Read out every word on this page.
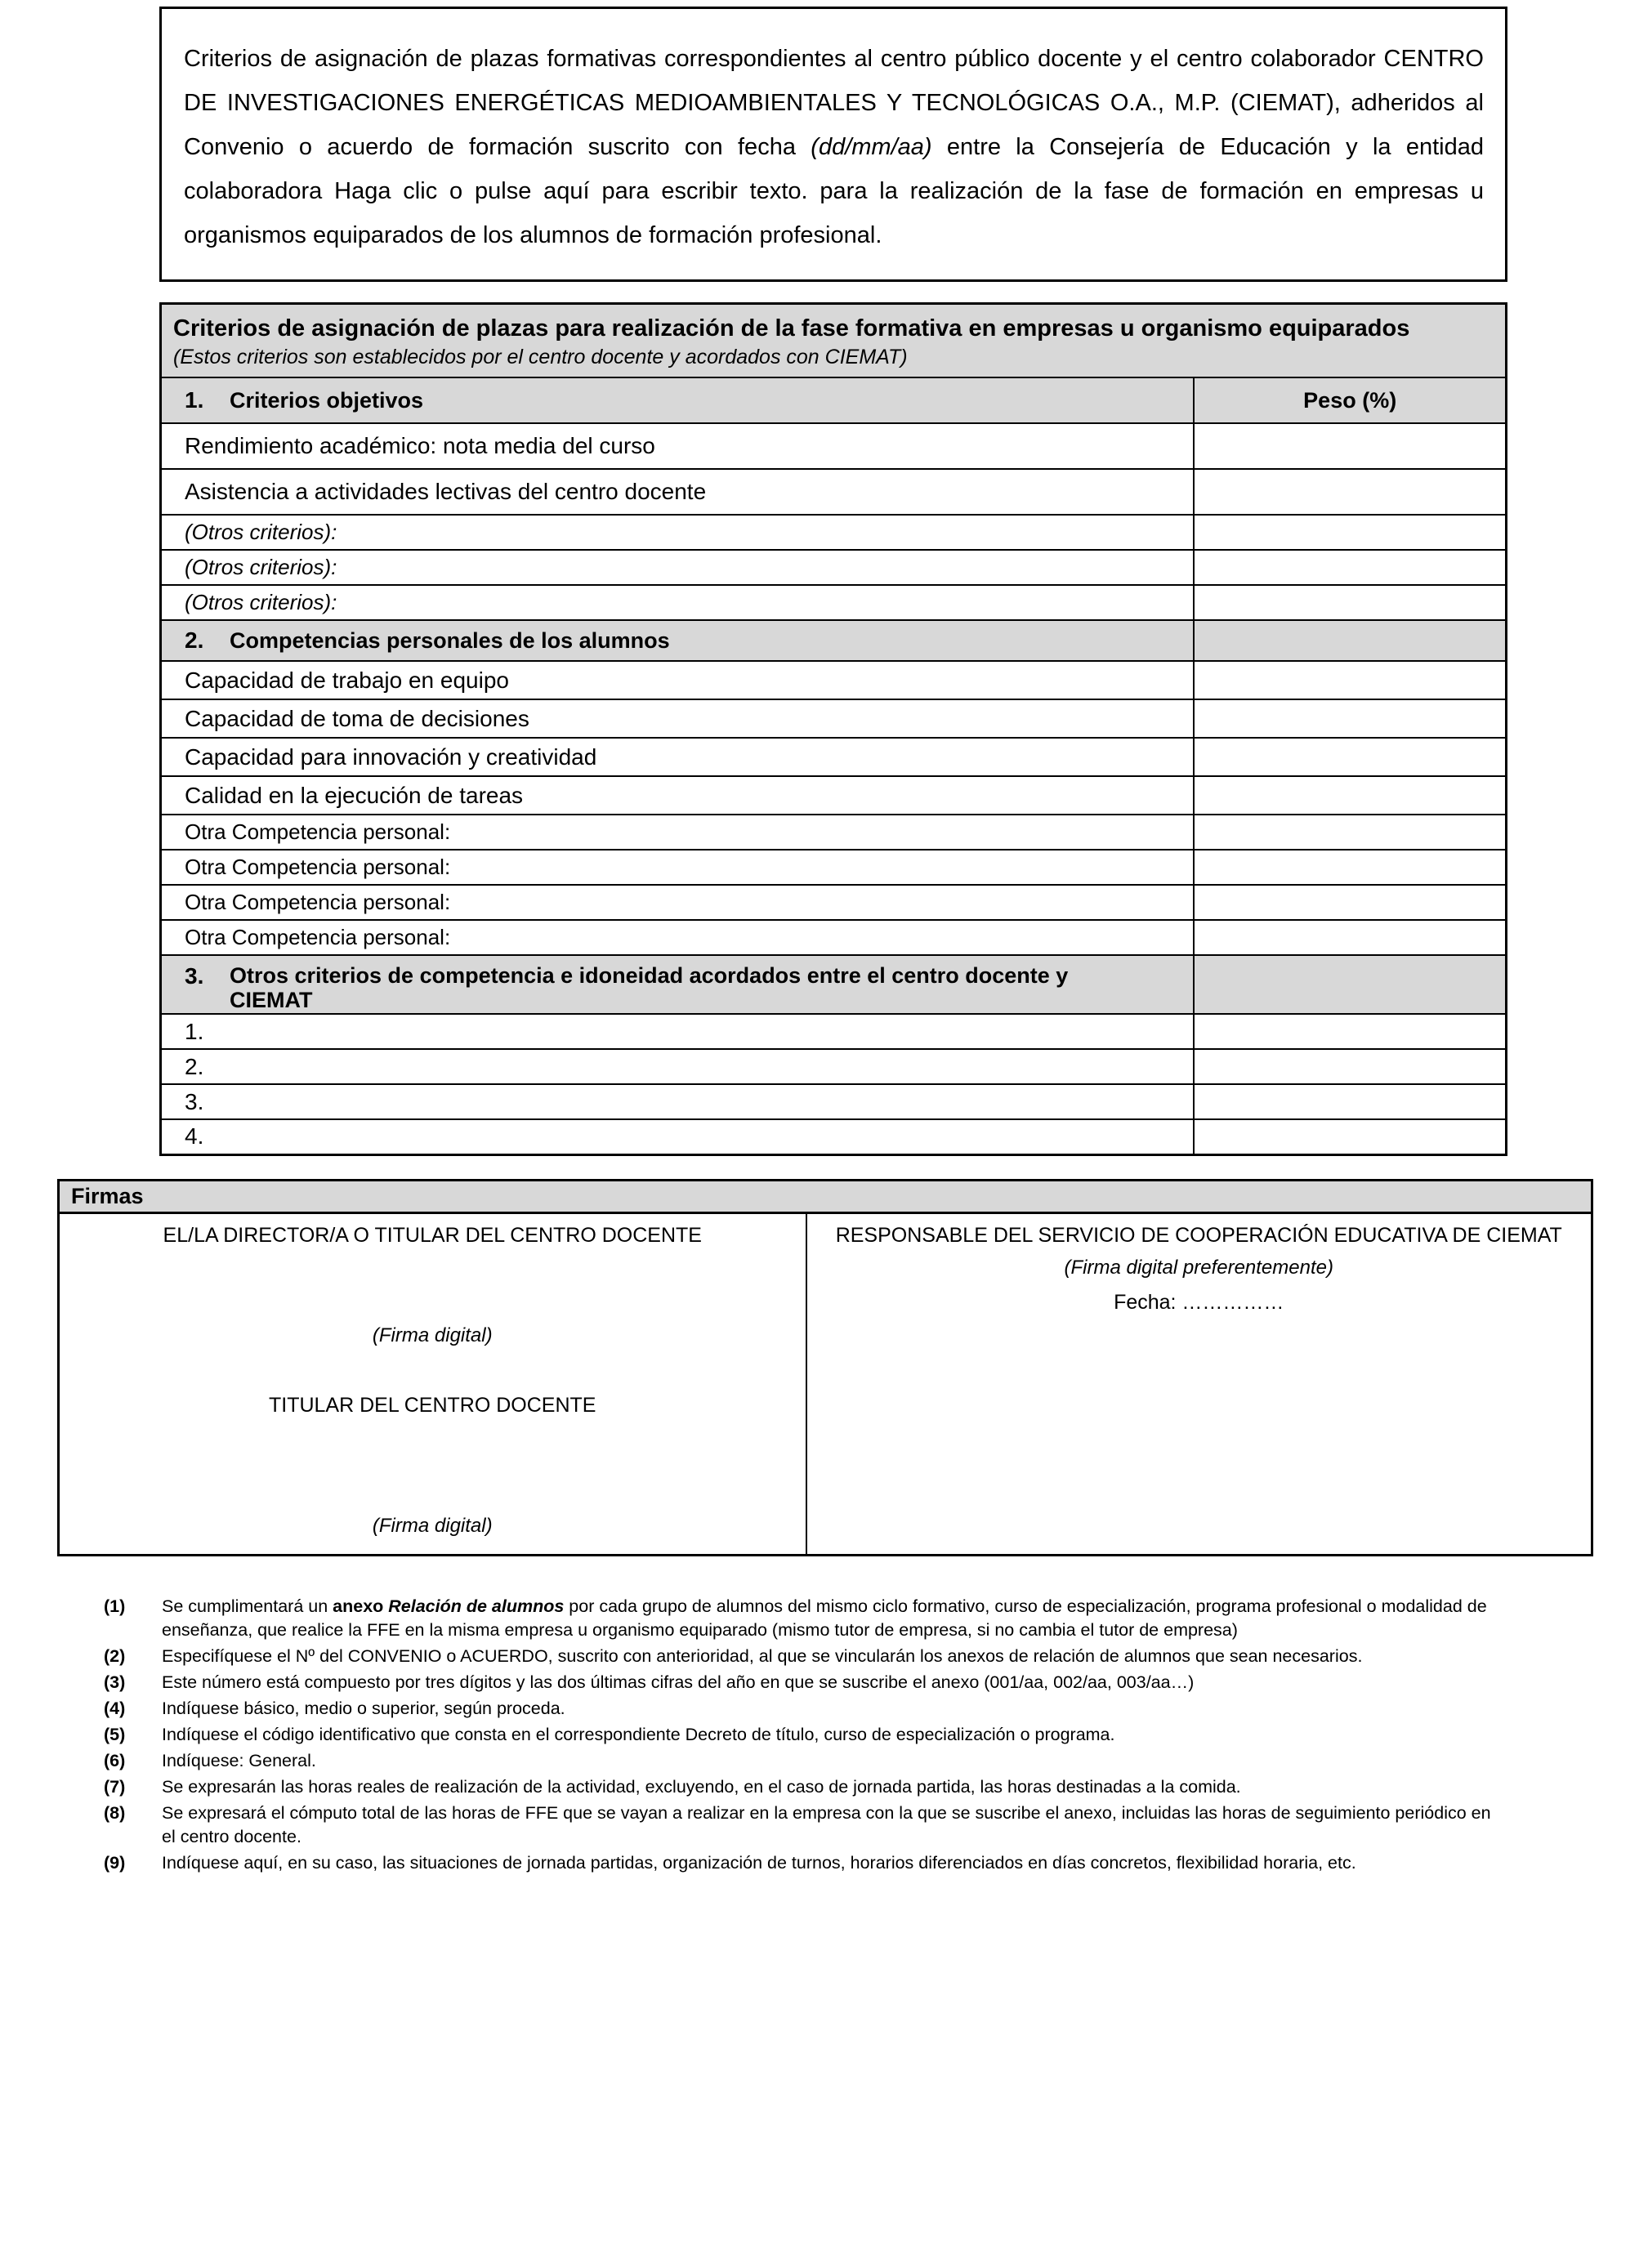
Criterios de asignación de plazas formativas correspondientes al centro público docente y el centro colaborador CENTRO DE INVESTIGACIONES ENERGÉTICAS MEDIOAMBIENTALES Y TECNOLÓGICAS O.A., M.P. (CIEMAT), adheridos al Convenio o acuerdo de formación suscrito con fecha (dd/mm/aa) entre la Consejería de Educación y la entidad colaboradora Haga clic o pulse aquí para escribir texto. para la realización de la fase de formación en empresas u organismos equiparados de los alumnos de formación profesional.
Criterios de asignación de plazas para realización de la fase formativa en empresas u organismo equiparados
(Estos criterios son establecidos por el centro docente y acordados con CIEMAT)	

1. Criterios objetivos	Peso (%)
Rendimiento académico: nota media del curso	
Asistencia a actividades lectivas del centro docente	
(Otros criterios):	
(Otros criterios):	
(Otros criterios):	
2. Competencias personales de los alumnos	
Capacidad de trabajo en equipo	
Capacidad de toma de decisiones	
Capacidad para innovación y creatividad	
Calidad en la ejecución de tareas	
Otra Competencia personal:	
Otra Competencia personal:	
Otra Competencia personal:	
Otra Competencia personal:	

3. Otros criterios de competencia e idoneidad acordados entre el centro docente y
CIEMAT	

1.	
2.	
3.	
4.	
Firmas
EL/LA DIRECTOR/A O TITULAR DEL CENTRO DOCENTE
(Firma digital)
TITULAR DEL CENTRO DOCENTE
(Firma digital)
RESPONSABLE DEL SERVICIO DE COOPERACIÓN EDUCATIVA DE CIEMAT
(Firma digital preferentemente)
Fecha: ……………
(1)	Se cumplimentará un anexo Relación de alumnos por cada grupo de alumnos del mismo ciclo formativo, curso de especialización, programa profesional o modalidad de enseñanza, que realice la FFE en la misma empresa u organismo equiparado (mismo tutor de empresa, si no cambia el tutor de empresa)
(2)	Especifíquese el Nº del CONVENIO o ACUERDO, suscrito con anterioridad, al que se vincularán los anexos de relación de alumnos que sean necesarios.
(3)	Este número está compuesto por tres dígitos y las dos últimas cifras del año en que se suscribe el anexo (001/aa, 002/aa, 003/aa…)
(4)	Indíquese básico, medio o superior, según proceda.
(5)	Indíquese el código identificativo que consta en el correspondiente Decreto de título, curso de especialización o programa.
(6)	Indíquese: General.
(7)	Se expresarán las horas reales de realización de la actividad, excluyendo, en el caso de jornada partida, las horas destinadas a la comida.
(8)	Se expresará el cómputo total de las horas de FFE que se vayan a realizar en la empresa con la que se suscribe el anexo, incluidas las horas de seguimiento periódico en el centro docente.
(9)	Indíquese aquí, en su caso, las situaciones de jornada partidas, organización de turnos, horarios diferenciados en días concretos, flexibilidad horaria, etc.
